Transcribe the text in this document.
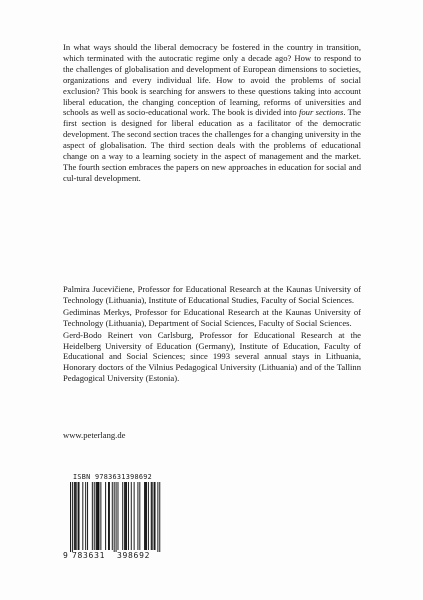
In what ways should the liberal democracy be fostered in the country in transition, which terminated with the autocratic regime only a decade ago? How to respond to the challenges of globalisation and development of European dimensions to societies, organizations and every individual life. How to avoid the problems of social exclusion? This book is searching for answers to these questions taking into account liberal education, the changing conception of learning, reforms of universities and schools as well as socio-educational work. The book is divided into four sections. The first section is designed for liberal education as a facilitator of the democratic development. The second section traces the challenges for a changing university in the aspect of globalisation. The third section deals with the problems of educational change on a way to a learning society in the aspect of management and the market. The fourth section embraces the papers on new approaches in education for social and cul-tural development.

Palmira Jucevičiene, Professor for Educational Research at the Kaunas University of Technology (Lithuania), Institute of Educational Studies, Faculty of Social Sciences.

Gediminas Merkys, Professor for Educational Research at the Kaunas University of Technology (Lithuania), Department of Social Sciences, Faculty of Social Sciences.

Gerd-Bodo Reinert von Carlsburg, Professor for Educational Research at the Heidelberg University of Education (Germany), Institute of Education, Faculty of Educational and Social Sciences; since 1993 several annual stays in Lithuania, Honorary doctors of the Vilnius Pedagogical University (Lithuania) and of the Tallinn Pedagogical University (Estonia).

www.peterlang.de

ISBN 9783631398692

9 783631 398692
